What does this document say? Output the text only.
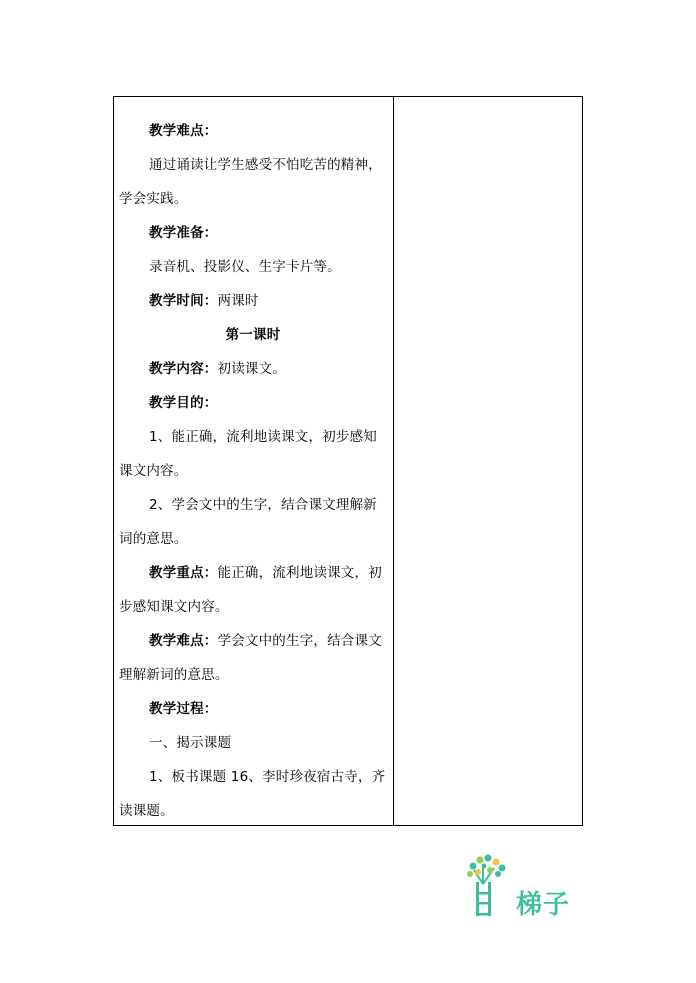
教学难点：

通过诵读让学生感受不怕吃苦的精神，

学会实践。

教学准备：

录音机、投影仪、生字卡片等。

教学时间：两课时

第一课时

教学内容：初读课文。

教学目的：

1、能正确，流利地读课文，初步感知

课文内容。

2、学会文中的生字，结合课文理解新

词的意思。

教学重点：能正确，流利地读课文，初

步感知课文内容。

教学难点：学会文中的生字，结合课文

理解新词的意思。

教学过程：

一、揭示课题

1、板书课题 16、李时珍夜宿古寺，齐

读课题。

梯子
